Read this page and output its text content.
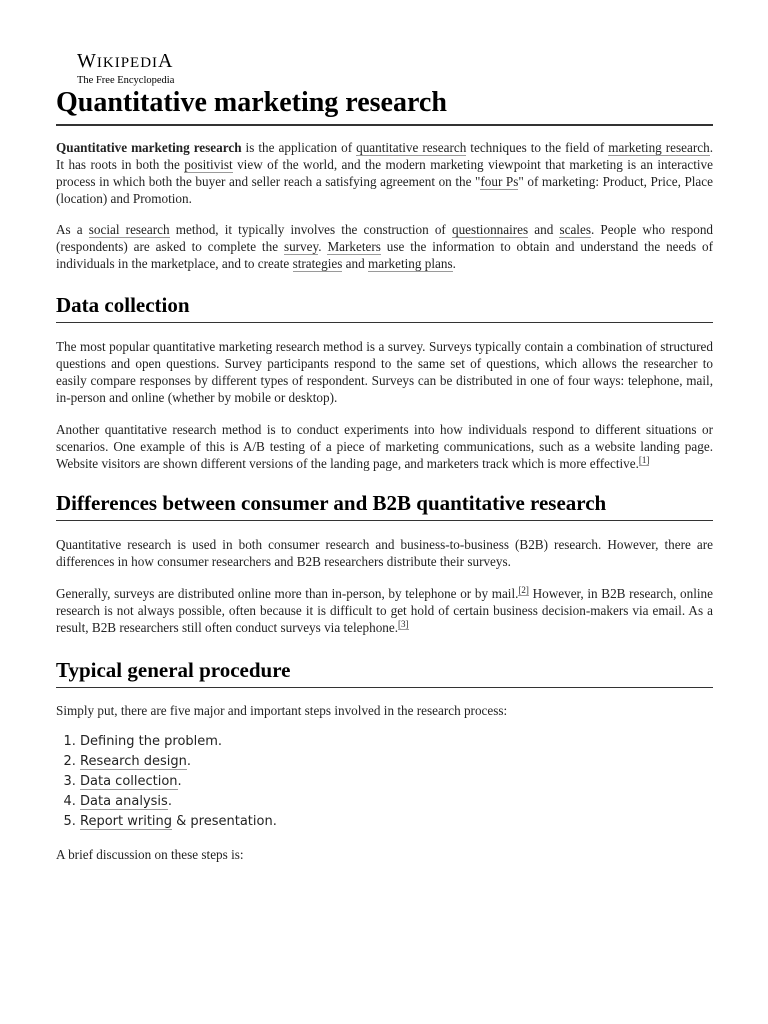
WIKIPEDIA
The Free Encyclopedia
Quantitative marketing research

Quantitative marketing research is the application of quantitative research techniques to the field of marketing research. It has roots in both the positivist view of the world, and the modern marketing viewpoint that marketing is an interactive process in which both the buyer and seller reach a satisfying agreement on the "four Ps" of marketing: Product, Price, Place (location) and Promotion.

As a social research method, it typically involves the construction of questionnaires and scales. People who respond (respondents) are asked to complete the survey. Marketers use the information to obtain and understand the needs of individuals in the marketplace, and to create strategies and marketing plans.

Data collection

The most popular quantitative marketing research method is a survey. Surveys typically contain a combination of structured questions and open questions. Survey participants respond to the same set of questions, which allows the researcher to easily compare responses by different types of respondent. Surveys can be distributed in one of four ways: telephone, mail, in-person and online (whether by mobile or desktop).

Another quantitative research method is to conduct experiments into how individuals respond to different situations or scenarios. One example of this is A/B testing of a piece of marketing communications, such as a website landing page. Website visitors are shown different versions of the landing page, and marketers track which is more effective.[1]

Differences between consumer and B2B quantitative research

Quantitative research is used in both consumer research and business-to-business (B2B) research. However, there are differences in how consumer researchers and B2B researchers distribute their surveys.

Generally, surveys are distributed online more than in-person, by telephone or by mail.[2] However, in B2B research, online research is not always possible, often because it is difficult to get hold of certain business decision-makers via email. As a result, B2B researchers still often conduct surveys via telephone.[3]

Typical general procedure

Simply put, there are five major and important steps involved in the research process:

1. Defining the problem.
2. Research design.
3. Data collection.
4. Data analysis.
5. Report writing & presentation.

A brief discussion on these steps is:
